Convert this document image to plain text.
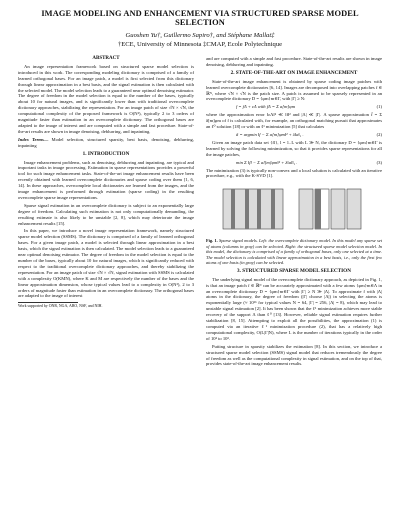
IMAGE MODELING AND ENHANCEMENT VIA STRUCTURED SPARSE MODEL SELECTION
Guoshen Yu†, Guillermo Sapiro†, and Stéphane Mallat‡
†ECE, University of Minnesota ‡CMAP, Ecole Polytechnique
ABSTRACT

An image representation framework based on structured sparse model selection is introduced in this work. The corresponding modeling dictionary is comprised of a family of learned orthogonal bases. For an image patch, a model is first selected from this dictionary through linear approximation in a best basis, and the signal estimation is then calculated with the selected model. The model selection leads to a guaranteed near optimal denoising estimator. The degree of freedom in the model selection is equal to the number of the bases, typically about 10 for natural images, and is significantly lower than with traditional overcomplete dictionary approaches, stabilizing the representation. For an image patch of size √N × √N, the computational complexity of the proposed framework is O(N²), typically 2 to 3 orders of magnitude faster than estimation in an overcomplete dictionary. The orthogonal bases are adapted to the image of interest and are computed with a simple and fast procedure. State-of-the-art results are shown in image denoising, deblurring, and inpainting.

Index Terms— Model selection, structured sparsity, best basis, denoising, deblurring, inpainting
1. INTRODUCTION

Image enhancement problems, such as denoising, deblurring and inpainting, are typical and important tasks in image processing. Estimation in sparse representations provides a powerful tool for such image enhancement tasks. State-of-the-art image enhancement results have been recently obtained with learned overcomplete dictionaries and sparse coding over them [1, 6, 14]. In these approaches, overcomplete local dictionaries are learned from the images, and the image enhancement is performed through estimation (sparse coding) in the resulting overcomplete sparse image representations.

Sparse signal estimation in an overcomplete dictionary is subject to an exponentially large degree of freedom. Calculating such estimation is not only computationally demanding, the resulting estimate is also likely to be unstable [2, 8], which may deteriorate the image enhancement results [15].

In this paper, we introduce a novel image representation framework, namely structured sparse model selection (SSMS). The dictionary is comprised of a family of learned orthogonal bases. For a given image patch, a model is selected through linear approximation in a best basis, which the signal estimation is then calculated. The model selection leads to a guaranteed near optimal denoising estimator. The degree of freedom in the model selection is equal to the number of the bases, typically about 10 for natural images, which is significantly reduced with respect to the traditional overcomplete dictionary approaches, and thereby stabilizing the representation. For an image patch of size √N × √N, signal estimation with SSMS is calculated with a complexity O(KMN), where K and M are respectively the number of the bases and the linear approximation dimension, whose typical values lead to a complexity in O(N²), 2 to 3 orders of magnitude faster than estimation in an overcomplete dictionary. The orthogonal bases are adapted to the image of interest

Work supported by ONR, NGA, ARO, NSF, and NIH.

and are computed with a simple and fast procedure. State-of-the-art results are shown in image denoising, deblurring and inpainting.

2. STATE-OF-THE-ART ON IMAGE ENHANCEMENT

State-of-the-art image enhancement is obtained by sparse coding image patches with learned overcomplete dictionaries [6, 14]. Images are decomposed into overlapping patches f ∈ ℝᴺ, where √N × √N is the patch size. A patch is assumed to be sparsely represented in an overcomplete dictionary D = {φm}m∈Γ, with |Γ| ≥ N:

f = fΛ + εΛ with fΛ = Σ a[m]φm	(1)

where the approximation error ‖εΛ‖² ≪ ‖f‖² and |Λ| ≪ |Γ|. A sparse approximation f̃ = Σ ã[m]φm of f is calculated with, for example, an orthogonal matching pursuit that approximates an ℓ⁰ solution [18] or with an ℓ¹ minimization [5] that calculates

ã = argmin ‖f − Σ a[m]φm‖² + λ‖a‖₁ .	(2)

Given an image patch data set {fl}, l = 1..L with L ≫ N, the dictionary D = {φm}m∈Γ is learned by solving the following minimization, so that it provides sparse representations for all the image patches,

min Σ ‖fl − Σ al[m]φm‖² + λ‖al‖₁ .	(3)

The minimization (3) is typically non-convex and a local solution is calculated with an iterative procedure, e.g., with the K-SVD [1].

Fig. 1. Sparse signal models. Left: the overcomplete dictionary model. In this model any sparse set of atoms (columns in gray) can be selected. Right: the structured sparse model selection model. In this model, the dictionary is comprised of a family of orthogonal bases, only one selected at a time. The model selection is calculated with linear approximation in a best basis, i.e., only the first few atoms of one basis (in gray) can be selected.
3. STRUCTURED SPARSE MODEL SELECTION

The underlying signal model of the overcomplete dictionary approach, as depicted in Fig. 1, is that an image patch f ∈ ℝᴺ can be accurately approximated with a few atoms {φm}m∈Λ in an overcomplete dictionary D = {φm}m∈Γ with |Γ| ≥ N ≫ |Λ|. To approximate f with |Λ| atoms in the dictionary, the degree of freedom (|Γ| choose |Λ|) in selecting the atoms is exponentially large (≈ 10¹⁶ for typical values N = 64, |Γ| = 256, |Λ| = 8), which may lead to unstable signal estimation [2]. It has been shown that the ℓ¹ minimization achieves more stable recovery of the support Λ than ℓ⁰ [13]. However, reliable signal estimation requires further stabilization [8, 15]. Attempting to exploit all the possibilities, the approximation (1) is computed via an iterative ℓ¹ minimization procedure (2), that has a relatively high computational complexity, O(L|Γ|N), where L is the number of iterations typically in the order of 10² to 10³.

Putting structure in sparsity stabilizes the estimation [8]. In this section, we introduce a structured sparse model selection (SSMS) signal model that reduces tremendously the degree of freedom as well as the computational complexity in signal estimation, and on the top of that, provides state-of-the-art image enhancement results.
